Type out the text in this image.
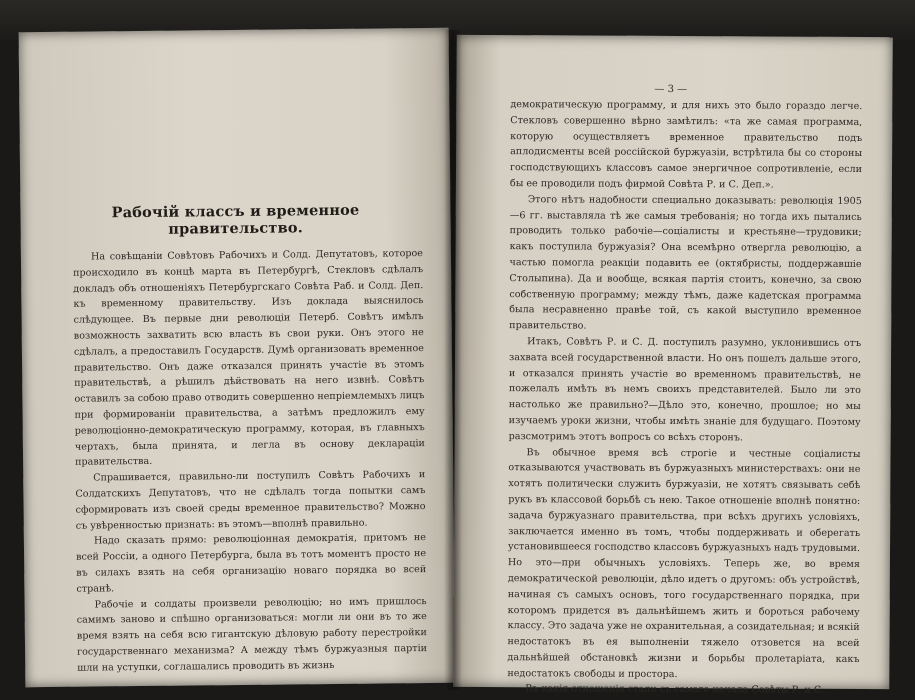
Рабочій классъ и временное правительство.

На совѣщаніи Совѣтовъ Рабочихъ и Солд. Депутатовъ, которое происходило въ концѣ марта въ Петербургѣ, Стекловъ сдѣлалъ докладъ объ отношеніяхъ Петербургскаго Совѣта Раб. и Солд. Деп. къ временному правительству. Изъ доклада выяснилось слѣдующее. Въ первые дни революціи Петерб. Совѣтъ имѣлъ возможность захватить всю власть въ свои руки. Онъ этого не сдѣлалъ, а предоставилъ Государств. Думѣ организовать временное правительство. Онъ даже отказался принять участіе въ этомъ правительствѣ, а рѣшилъ дѣйствовать на него извнѣ. Совѣтъ оставилъ за собою право отводить совершенно непріемлемыхъ лицъ при формированіи правительства, а затѣмъ предложилъ ему революціонно-демократическую программу, которая, въ главныхъ чертахъ, была принята, и легла въ основу деклараціи правительства.

Спрашивается, правильно-ли поступилъ Совѣтъ Рабочихъ и Солдатскихъ Депутатовъ, что не сдѣлалъ тогда попытки самъ сформировать изъ своей среды временное правительство? Можно съ увѣренностью признать: въ этомъ—вполнѣ правильно.

Надо сказать прямо: революціонная демократія, притомъ не всей Россіи, а одного Петербурга, была въ тотъ моментъ просто не въ силахъ взять на себя организацію новаго порядка во всей странѣ.

Рабочіе и солдаты произвели революцію; но имъ пришлось самимъ заново и спѣшно организоваться: могли ли они въ то же время взять на себя всю гигантскую дѣловую работу перестройки государственнаго механизма? А между тѣмъ буржуазныя партіи шли на уступки, соглашались проводить въ жизнь

— 3 —

демократическую программу, и для нихъ это было гораздо легче. Стекловъ совершенно вѣрно замѣтилъ: «та же самая программа, которую осуществляетъ временное правительство подъ аплодисменты всей россійской буржуазіи, встрѣтила бы со стороны господствующихъ классовъ самое энергичное сопротивленіе, если бы ее проводили подъ фирмой Совѣта Р. и С. Деп.».

Этого нѣтъ надобности специально доказывать: революція 1905—6 гг. выставляла тѣ же самыя требованія; но тогда ихъ пытались проводить только рабочіе—соціалисты и крестьяне—трудовики; какъ поступила буржуазія? Она всемѣрно отвергла революцію, а частью помогла реакціи подавить ее (октябристы, поддержавшіе Столыпина). Да и вообще, всякая партія стоитъ, конечно, за свою собственную программу; между тѣмъ, даже кадетская программа была несравненно правѣе той, съ какой выступило временное правительство.

Итакъ, Совѣтъ Р. и С. Д. поступилъ разумно, уклонившись отъ захвата всей государственной власти. Но онъ пошелъ дальше этого, и отказался принять участіе во временномъ правительствѣ, не пожелалъ имѣть въ немъ своихъ представителей. Было ли это настолько же правильно?—Дѣло это, конечно, прошлое; но мы изучаемъ уроки жизни, чтобы имѣть знаніе для будущаго. Поэтому разсмотримъ этотъ вопросъ со всѣхъ сторонъ.

Въ обычное время всѣ строгіе и честные соціалисты отказываются участвовать въ буржуазныхъ министерствахъ: они не хотятъ политически служить буржуазіи, не хотятъ связывать себѣ рукъ въ классовой борьбѣ съ нею. Такое отношеніе вполнѣ понятно: задача буржуазнаго правительства, при всѣхъ другихъ условіяхъ, заключается именно въ томъ, чтобы поддерживать и оберегать установившееся господство классовъ буржуазныхъ надъ трудовыми. Но это—при обычныхъ условіяхъ. Теперь же, во время демократической революціи, дѣло идетъ о другомъ: объ устройствѣ, начиная съ самыхъ основъ, того государственнаго порядка, при которомъ придется въ дальнѣйшемъ жить и бороться рабочему классу. Это задача уже не охранительная, а созидательная; и всякій недостатокъ въ ея выполненіи тяжело отзовется на всей дальнѣйшей обстановкѣ жизни и борьбы пролетаріата, какъ недостатокъ свободы и простора.

Въ какія отношенія стали съ самаго начала Совѣты Р. и С.
